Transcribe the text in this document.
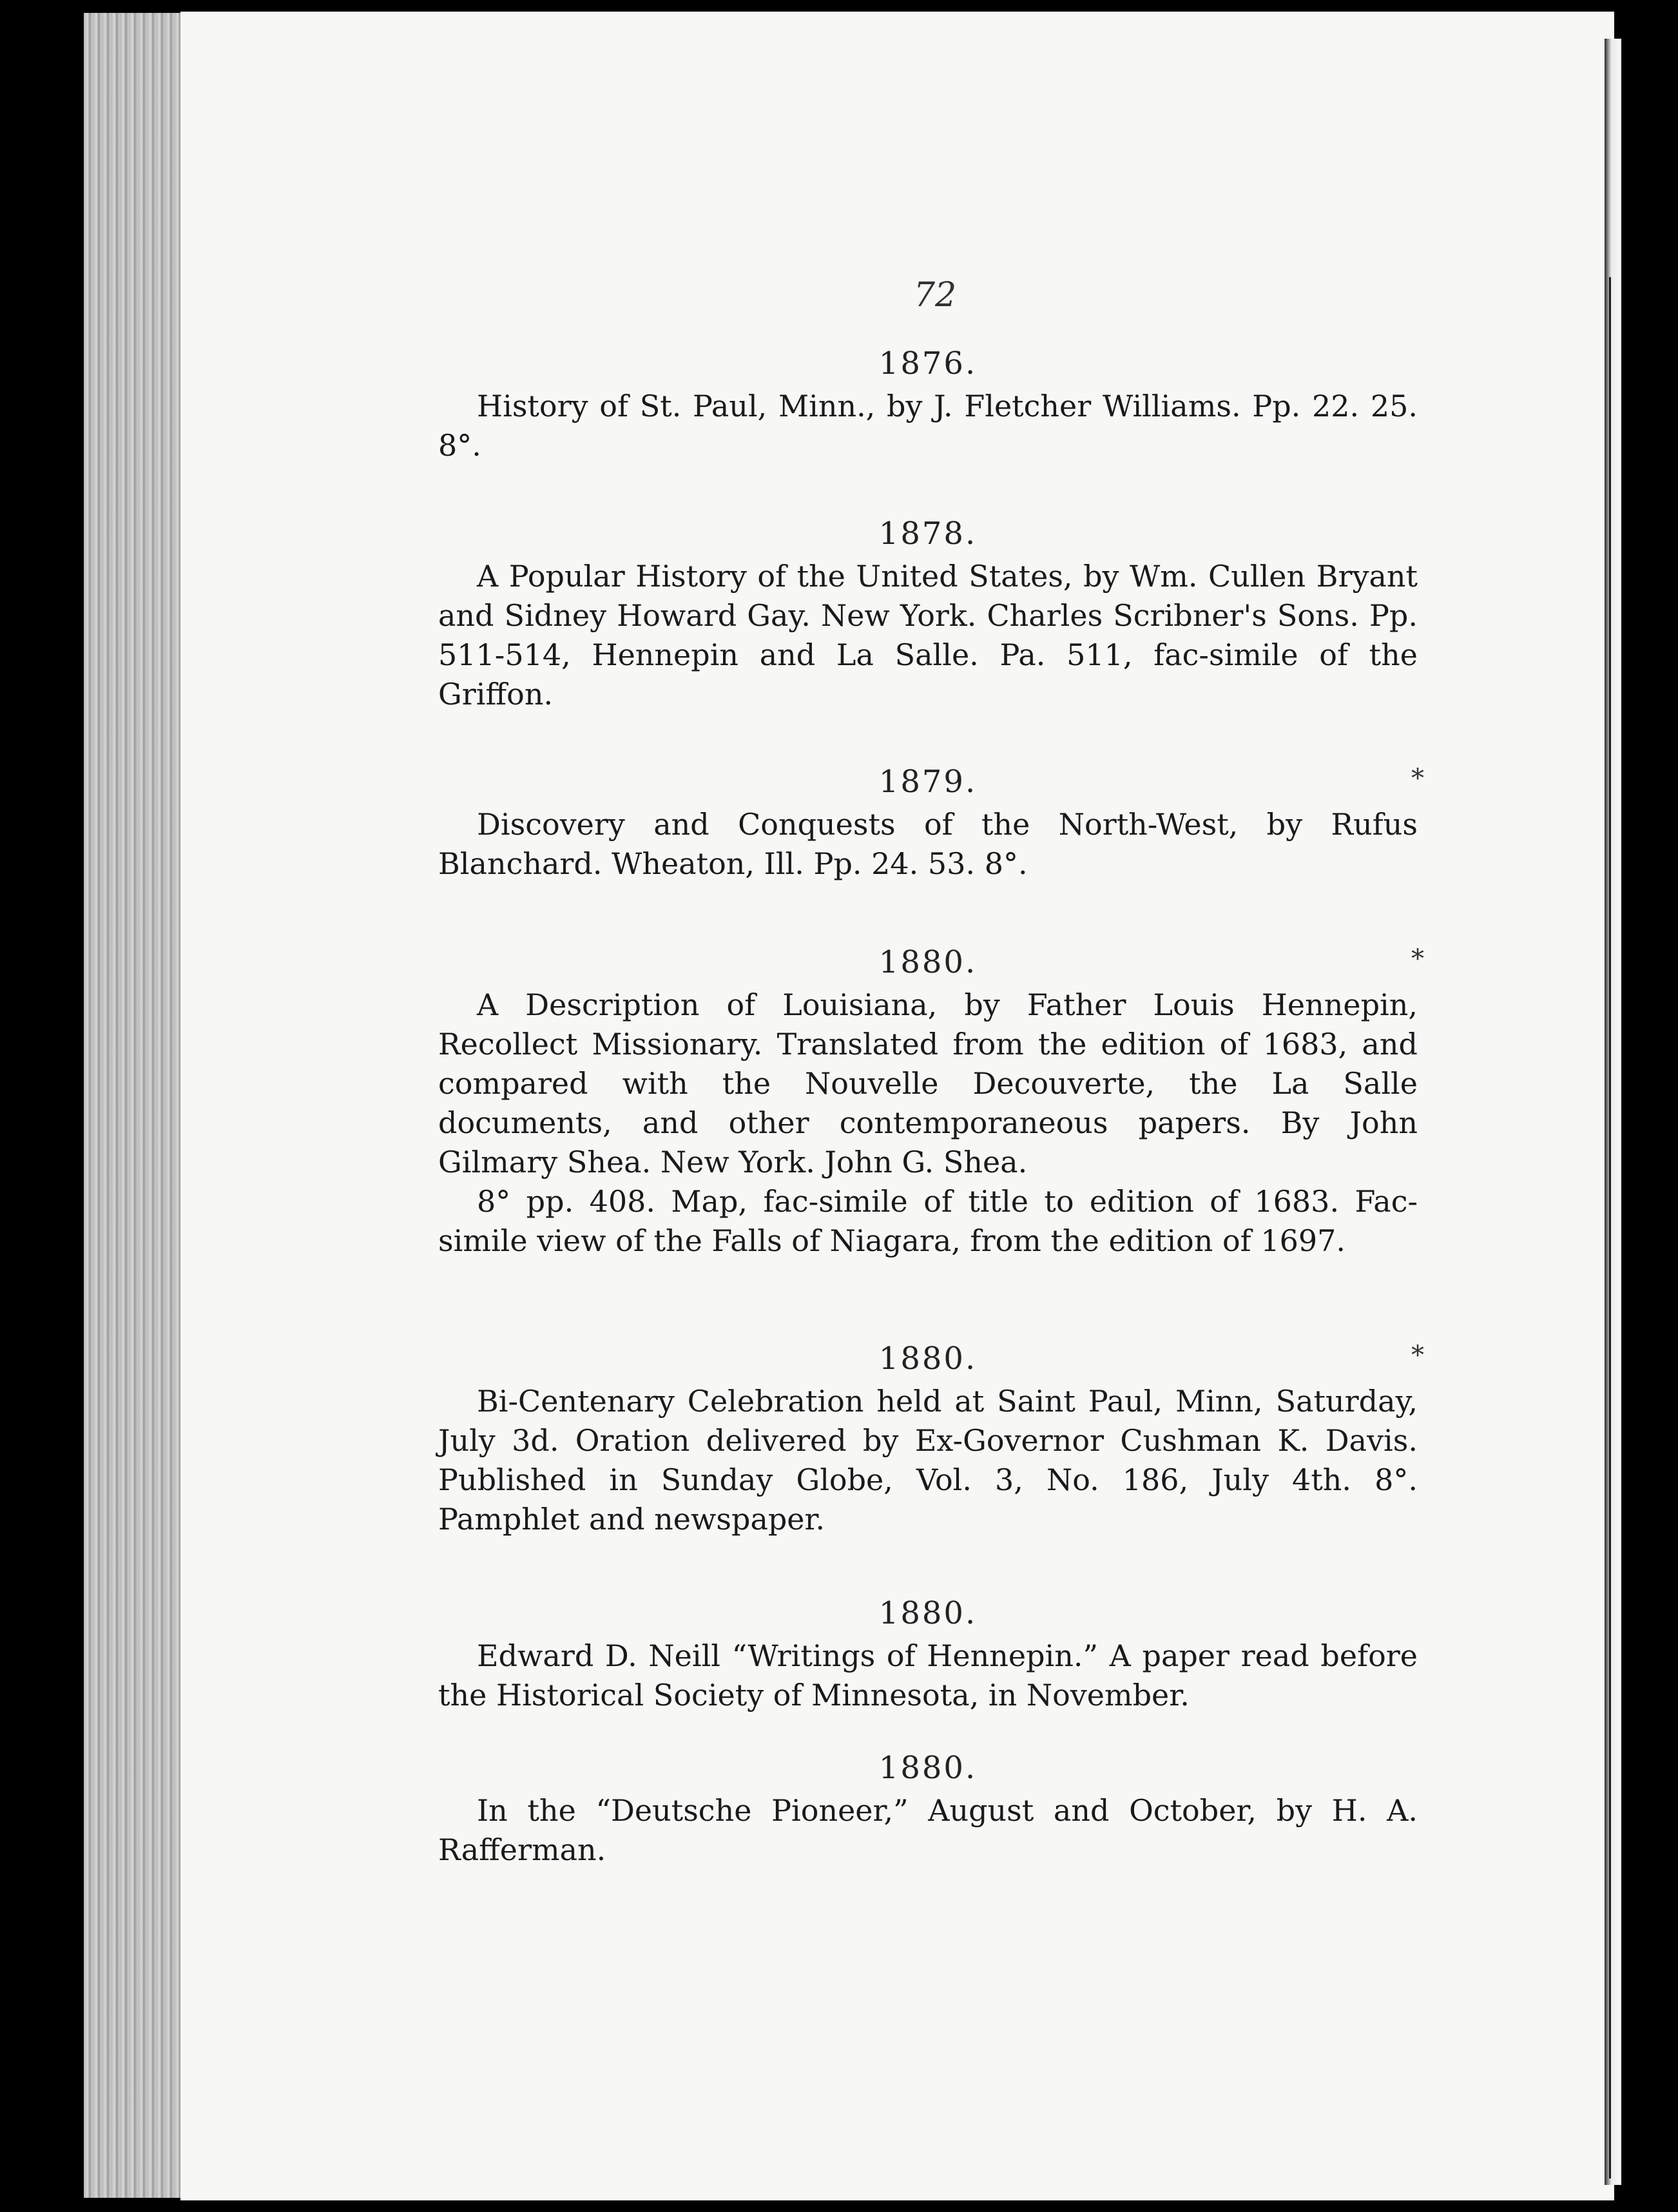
72
1876.

History of St. Paul, Minn., by J. Fletcher Williams. Pp. 22. 25. 8°.

1878.

A Popular History of the United States, by Wm. Cullen Bryant and Sidney Howard Gay. New York. Charles Scribner's Sons. Pp. 511-514, Hennepin and La Salle. Pa. 511, fac-simile of the Griffon.

1879.	*

Discovery and Conquests of the North-West, by Rufus Blanchard. Wheaton, Ill. Pp. 24. 53. 8°.

1880.	*

A Description of Louisiana, by Father Louis Hennepin, Recollect Missionary. Translated from the edition of 1683, and compared with the Nouvelle Decouverte, the La Salle documents, and other contemporaneous papers. By John Gilmary Shea. New York. John G. Shea.

8° pp. 408. Map, fac-simile of title to edition of 1683. Fac-simile view of the Falls of Niagara, from the edition of 1697.

1880.	*

Bi-Centenary Celebration held at Saint Paul, Minn, Saturday, July 3d. Oration delivered by Ex-Governor Cushman K. Davis. Published in Sunday Globe, Vol. 3, No. 186, July 4th. 8°. Pamphlet and newspaper.

1880.

Edward D. Neill “Writings of Hennepin.” A paper read before the Historical Society of Minnesota, in November.

1880.

In the “Deutsche Pioneer,” August and October, by H. A. Rafferman.
